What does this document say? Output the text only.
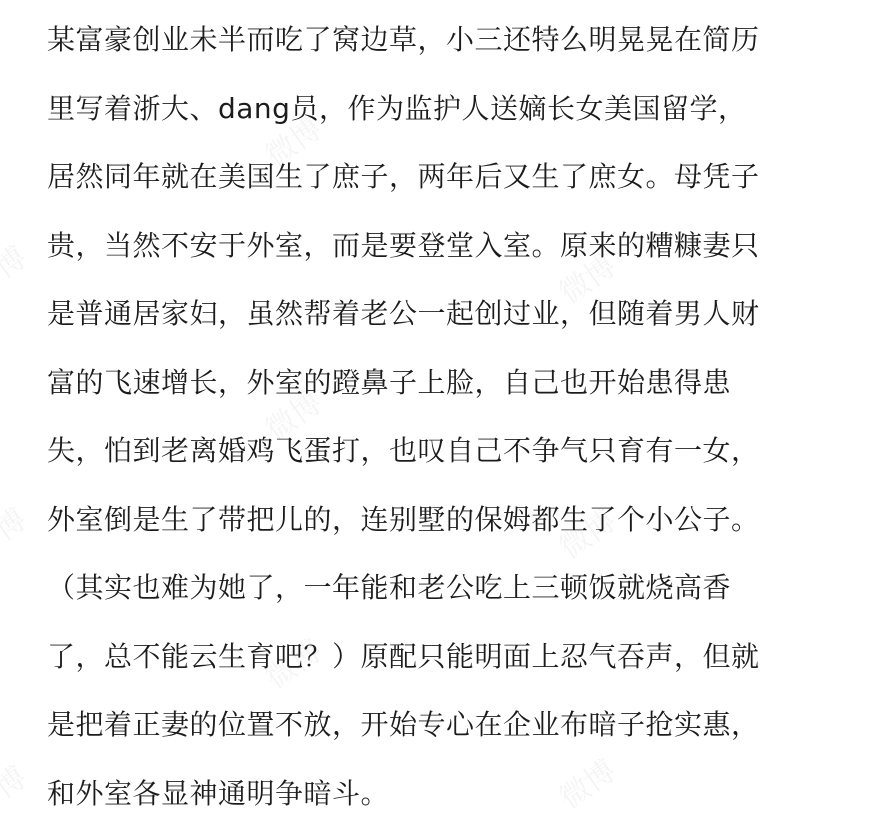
某富豪创业未半而吃了窝边草，小三还特么明晃晃在简历
里写着浙大、dang员，作为监护人送嫡长女美国留学，
居然同年就在美国生了庶子，两年后又生了庶女。母凭子
贵，当然不安于外室，而是要登堂入室。原来的糟糠妻只
是普通居家妇，虽然帮着老公一起创过业，但随着男人财
富的飞速增长，外室的蹬鼻子上脸，自己也开始患得患
失，怕到老离婚鸡飞蛋打，也叹自己不争气只育有一女，
外室倒是生了带把儿的，连别墅的保姆都生了个小公子。
（其实也难为她了，一年能和老公吃上三顿饭就烧高香
了，总不能云生育吧？）原配只能明面上忍气吞声，但就
是把着正妻的位置不放，开始专心在企业布暗子抢实惠，
和外室各显神通明争暗斗。
